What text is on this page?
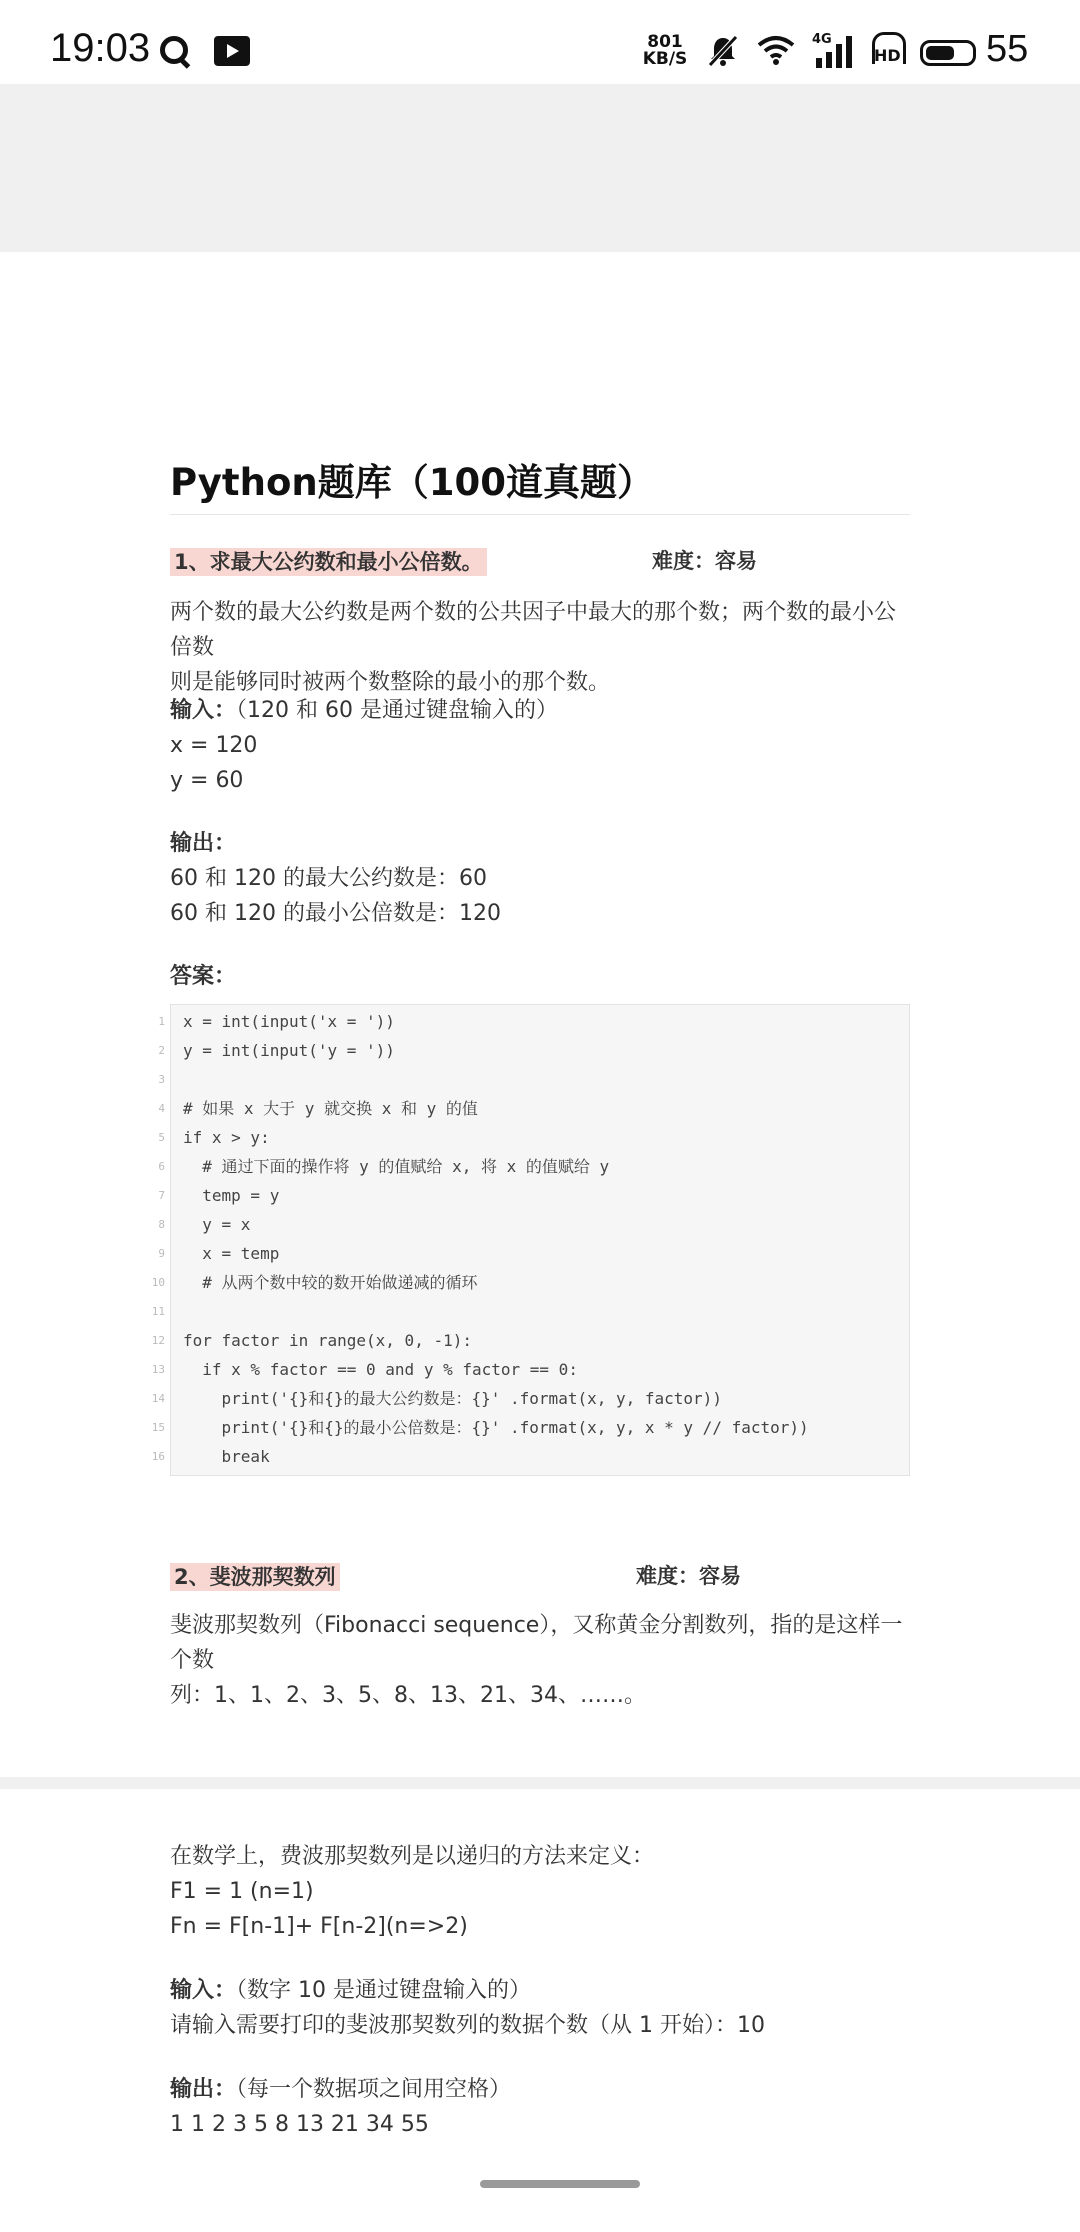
19:03	801
KB/S
4G
HD 55
Python题库（100道真题）
1、求最大公约数和最小公倍数。	难度：容易

两个数的最大公约数是两个数的公共因子中最大的那个数；两个数的最小公倍数

则是能够同时被两个数整除的最小的那个数。

输入：（120 和 60 是通过键盘输入的）

x = 120

y = 60

输出：

60 和 120 的最大公约数是：60

60 和 120 的最小公倍数是：120

答案：
1 x = int(input('x = '))
2 y = int(input('y = '))
3
4 # 如果 x 大于 y 就交换 x 和 y 的值
5 if x > y:
6 # 通过下面的操作将 y 的值赋给 x, 将 x 的值赋给 y
7 temp = y
8 y = x
9 x = temp
10 # 从两个数中较的数开始做递减的循环
11
12 for factor in range(x, 0, -1):
13 if x % factor == 0 and y % factor == 0:
14 print('{}和{}的最大公约数是：{}' .format(x, y, factor))
15 print('{}和{}的最小公倍数是：{}' .format(x, y, x * y // factor))
16 break
2、斐波那契数列	难度：容易

斐波那契数列（Fibonacci sequence），又称黄金分割数列，指的是这样一个数

列：1、1、2、3、5、8、13、21、34、……。

在数学上，费波那契数列是以递归的方法来定义：

F1 = 1 (n=1)

Fn = F[n-1]+ F[n-2](n=>2)

输入：（数字 10 是通过键盘输入的）

请输入需要打印的斐波那契数列的数据个数（从 1 开始）：10

输出：（每一个数据项之间用空格）

1 1 2 3 5 8 13 21 34 55
